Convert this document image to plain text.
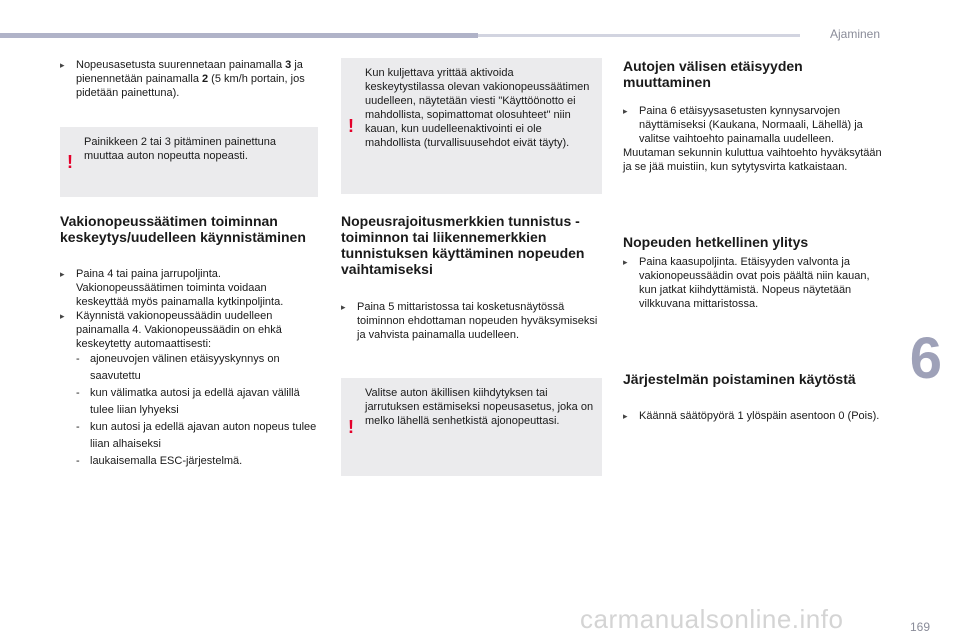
Ajaminen
6
169
carmanualsonline.info

▸ Nopeusasetusta suurennetaan painamalla 3 ja pienennetään painamalla 2 (5 km/h portain, jos pidetään painettuna).

!
Painikkeen 2 tai 3 pitäminen painettuna muuttaa auton nopeutta nopeasti.
Vakionopeussäätimen toiminnan keskeytys/uudelleen käynnistäminen

▸ Paina 4 tai paina jarrupoljinta. Vakionopeussäätimen toiminta voidaan keskeyttää myös painamalla kytkinpoljinta.

▸ Käynnistä vakionopeussäädin uudelleen painamalla 4. Vakionopeussäädin on ehkä keskeytetty automaattisesti:

- ajoneuvojen välinen etäisyyskynnys on saavutettu

- kun välimatka autosi ja edellä ajavan välillä tulee liian lyhyeksi

- kun autosi ja edellä ajavan auton nopeus tulee liian alhaiseksi

- laukaisemalla ESC-järjestelmä.

!
Kun kuljettava yrittää aktivoida keskeytystilassa olevan vakionopeussäätimen uudelleen, näytetään viesti "Käyttöönotto ei mahdollista, sopimattomat olosuhteet" niin kauan, kun uudelleenaktivointi ei ole mahdollista (turvallisuusehdot eivät täyty).
Nopeusrajoitusmerkkien tunnistus -toiminnon tai liikennemerkkien tunnistuksen käyttäminen nopeuden vaihtamiseksi

▸ Paina 5 mittaristossa tai kosketusnäytössä toiminnon ehdottaman nopeuden hyväksymiseksi ja vahvista painamalla uudelleen.

!
Valitse auton äkillisen kiihdytyksen tai jarrutuksen estämiseksi nopeusasetus, joka on melko lähellä senhetkistä ajonopeuttasi.
Autojen välisen etäisyyden muuttaminen

▸ Paina 6 etäisyysasetusten kynnysarvojen näyttämiseksi (Kaukana, Normaali, Lähellä) ja valitse vaihtoehto painamalla uudelleen.

Muutaman sekunnin kuluttua vaihtoehto hyväksytään ja se jää muistiin, kun sytytysvirta katkaistaan.

Nopeuden hetkellinen ylitys

▸ Paina kaasupoljinta. Etäisyyden valvonta ja vakionopeussäädin ovat pois päältä niin kauan, kun jatkat kiihdyttämistä. Nopeus näytetään vilkkuvana mittaristossa.

Järjestelmän poistaminen käytöstä

▸ Käännä säätöpyörä 1 ylöspäin asentoon 0 (Pois).
